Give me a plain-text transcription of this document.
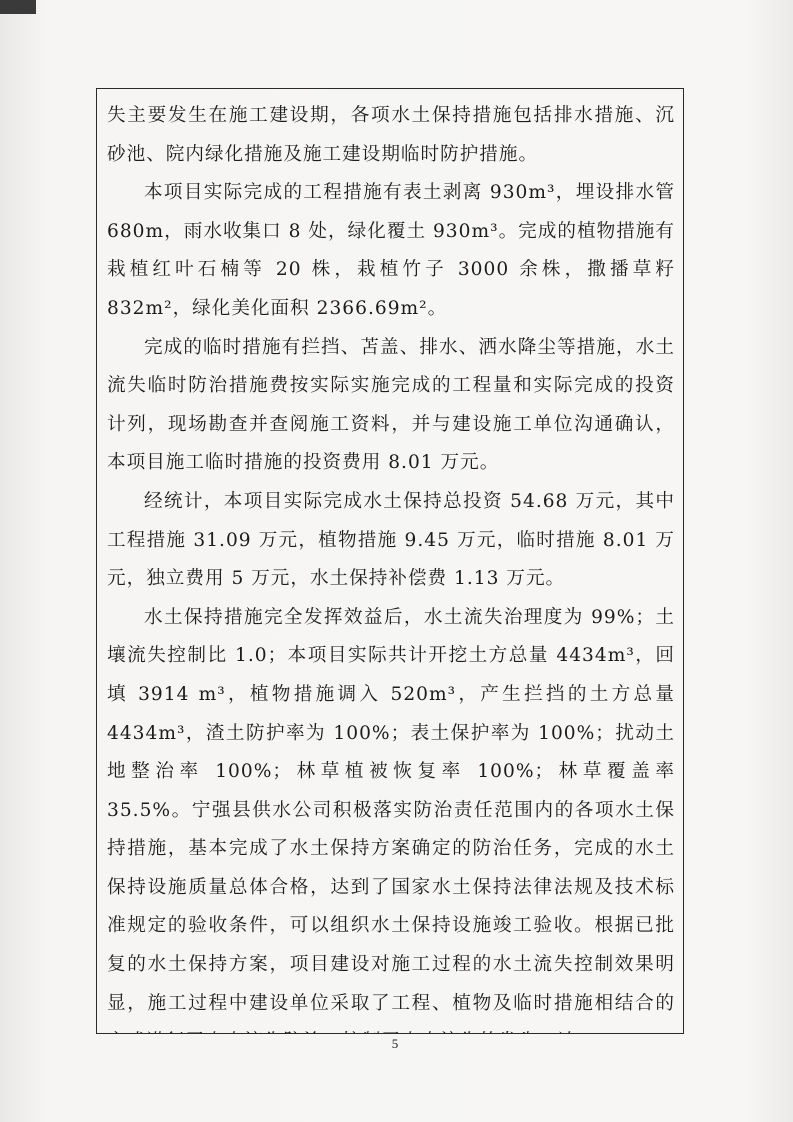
失主要发生在施工建设期，各项水土保持措施包括排水措施、沉砂池、院内绿化措施及施工建设期临时防护措施。

本项目实际完成的工程措施有表土剥离 930m³，埋设排水管 680m，雨水收集口 8 处，绿化覆土 930m³。完成的植物措施有栽植红叶石楠等 20 株，栽植竹子 3000 余株，撒播草籽 832m²，绿化美化面积 2366.69m²。

完成的临时措施有拦挡、苫盖、排水、洒水降尘等措施，水土流失临时防治措施费按实际实施完成的工程量和实际完成的投资计列，现场勘查并查阅施工资料，并与建设施工单位沟通确认，本项目施工临时措施的投资费用 8.01 万元。

经统计，本项目实际完成水土保持总投资 54.68 万元，其中工程措施 31.09 万元，植物措施 9.45 万元，临时措施 8.01 万元，独立费用 5 万元，水土保持补偿费 1.13 万元。

水土保持措施完全发挥效益后，水土流失治理度为 99%；土壤流失控制比 1.0；本项目实际共计开挖土方总量 4434m³，回填 3914 m³，植物措施调入 520m³，产生拦挡的土方总量 4434m³，渣土防护率为 100%；表土保护率为 100%；扰动土地整治率 100%；林草植被恢复率 100%；林草覆盖率 35.5%。宁强县供水公司积极落实防治责任范围内的各项水土保持措施，基本完成了水土保持方案确定的防治任务，完成的水土保持设施质量总体合格，达到了国家水土保持法律法规及技术标准规定的验收条件，可以组织水土保持设施竣工验收。根据已批复的水土保持方案，项目建设对施工过程的水土流失控制效果明显，施工过程中建设单位采取了工程、植物及临时措施相结合的

5
